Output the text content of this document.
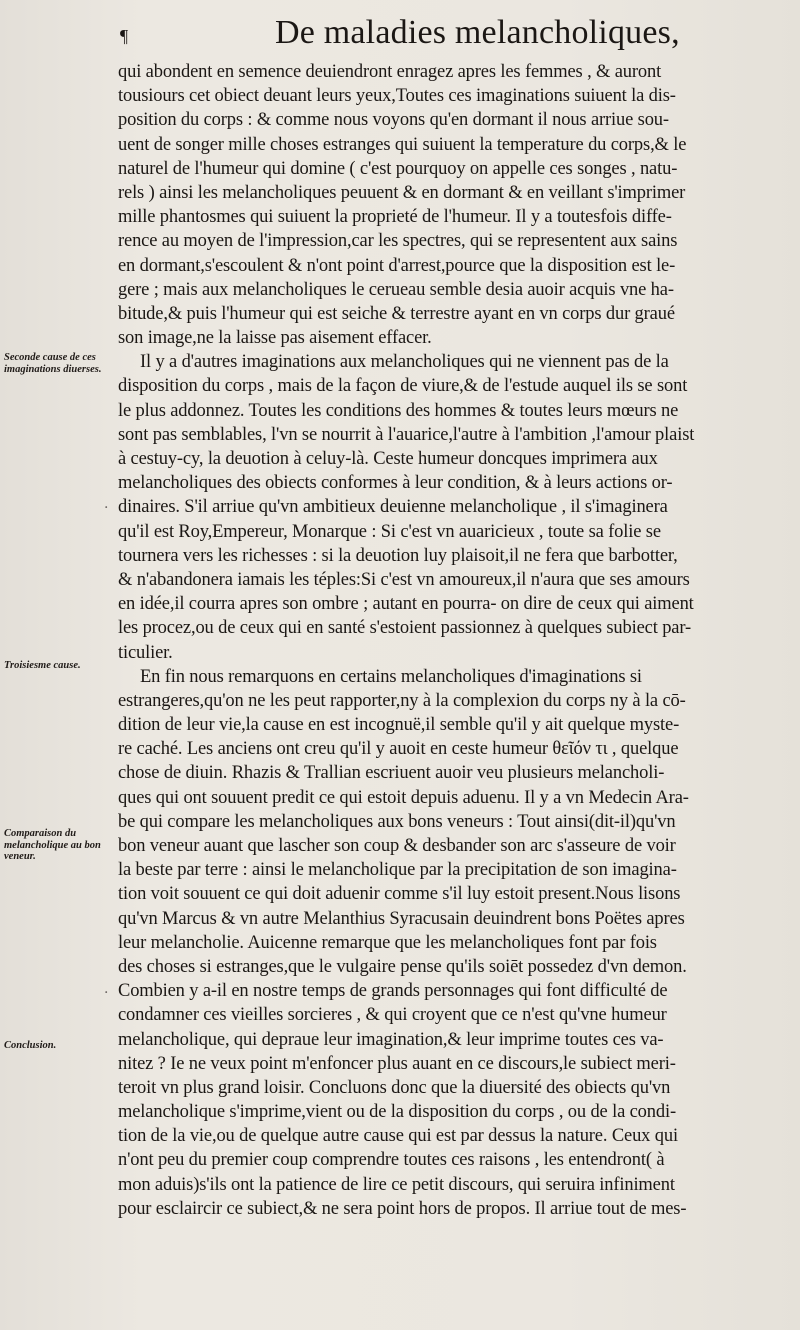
¶	De maladies melancholiques,
Seconde cause de ces imaginations diuerses.
Troisiesme cause.
Comparaison du melancholique au bon veneur.
Conclusion.
·
·
qui abondent en semence deuiendront enragez apres les femmes , & auront
tousiours cet obiect deuant leurs yeux,Toutes ces imaginations suiuent la dis-
position du corps : & comme nous voyons qu'en dormant il nous arriue sou-
uent de songer mille choses estranges qui suiuent la temperature du corps,& le
naturel de l'humeur qui domine ( c'est pourquoy on appelle ces songes , natu-
rels ) ainsi les melancholiques peuuent & en dormant & en veillant s'imprimer
mille phantosmes qui suiuent la proprieté de l'humeur. Il y a toutesfois diffe-
rence au moyen de l'impression,car les spectres, qui se representent aux sains
en dormant,s'escoulent & n'ont point d'arrest,pource que la disposition est le-
gere ; mais aux melancholiques le cerueau semble desia auoir acquis vne ha-
bitude,& puis l'humeur qui est seiche & terrestre ayant en vn corps dur graué
son image,ne la laisse pas aisement effacer.
Il y a d'autres imaginations aux melancholiques qui ne viennent pas de la
disposition du corps , mais de la façon de viure,& de l'estude auquel ils se sont
le plus addonnez. Toutes les conditions des hommes & toutes leurs mœurs ne
sont pas semblables, l'vn se nourrit à l'auarice,l'autre à l'ambition ,l'amour plaist
à cestuy-cy, la deuotion à celuy-là. Ceste humeur doncques imprimera aux
melancholiques des obiects conformes à leur condition, & à leurs actions or-
dinaires. S'il arriue qu'vn ambitieux deuienne melancholique , il s'imaginera
qu'il est Roy,Empereur, Monarque : Si c'est vn auaricieux , toute sa folie se
tournera vers les richesses : si la deuotion luy plaisoit,il ne fera que barbotter,
& n'abandonera iamais les téples:Si c'est vn amoureux,il n'aura que ses amours
en idée,il courra apres son ombre ; autant en pourra- on dire de ceux qui aiment
les procez,ou de ceux qui en santé s'estoient passionnez à quelques subiect par-
ticulier.
En fin nous remarquons en certains melancholiques d'imaginations si
estrangeres,qu'on ne les peut rapporter,ny à la complexion du corps ny à la cō-
dition de leur vie,la cause en est incognuë,il semble qu'il y ait quelque myste-
re caché. Les anciens ont creu qu'il y auoit en ceste humeur θεῖόν τι , quelque
chose de diuin. Rhazis & Trallian escriuent auoir veu plusieurs melancholi-
ques qui ont souuent predit ce qui estoit depuis aduenu. Il y a vn Medecin Ara-
be qui compare les melancholiques aux bons veneurs : Tout ainsi(dit-il)qu'vn
bon veneur auant que lascher son coup & desbander son arc s'asseure de voir
la beste par terre : ainsi le melancholique par la precipitation de son imagina-
tion voit souuent ce qui doit aduenir comme s'il luy estoit present.Nous lisons
qu'vn Marcus & vn autre Melanthius Syracusain deuindrent bons Poëtes apres
leur melancholie. Auicenne remarque que les melancholiques font par fois
des choses si estranges,que le vulgaire pense qu'ils soiēt possedez d'vn demon.
Combien y a-il en nostre temps de grands personnages qui font difficulté de
condamner ces vieilles sorcieres , & qui croyent que ce n'est qu'vne humeur
melancholique, qui depraue leur imagination,& leur imprime toutes ces va-
nitez ? Ie ne veux point m'enfoncer plus auant en ce discours,le subiect meri-
teroit vn plus grand loisir. Concluons donc que la diuersité des obiects qu'vn
melancholique s'imprime,vient ou de la disposition du corps , ou de la condi-
tion de la vie,ou de quelque autre cause qui est par dessus la nature. Ceux qui
n'ont peu du premier coup comprendre toutes ces raisons , les entendront( à
mon aduis)s'ils ont la patience de lire ce petit discours, qui seruira infiniment
pour esclaircir ce subiect,& ne sera point hors de propos. Il arriue tout de mes-
